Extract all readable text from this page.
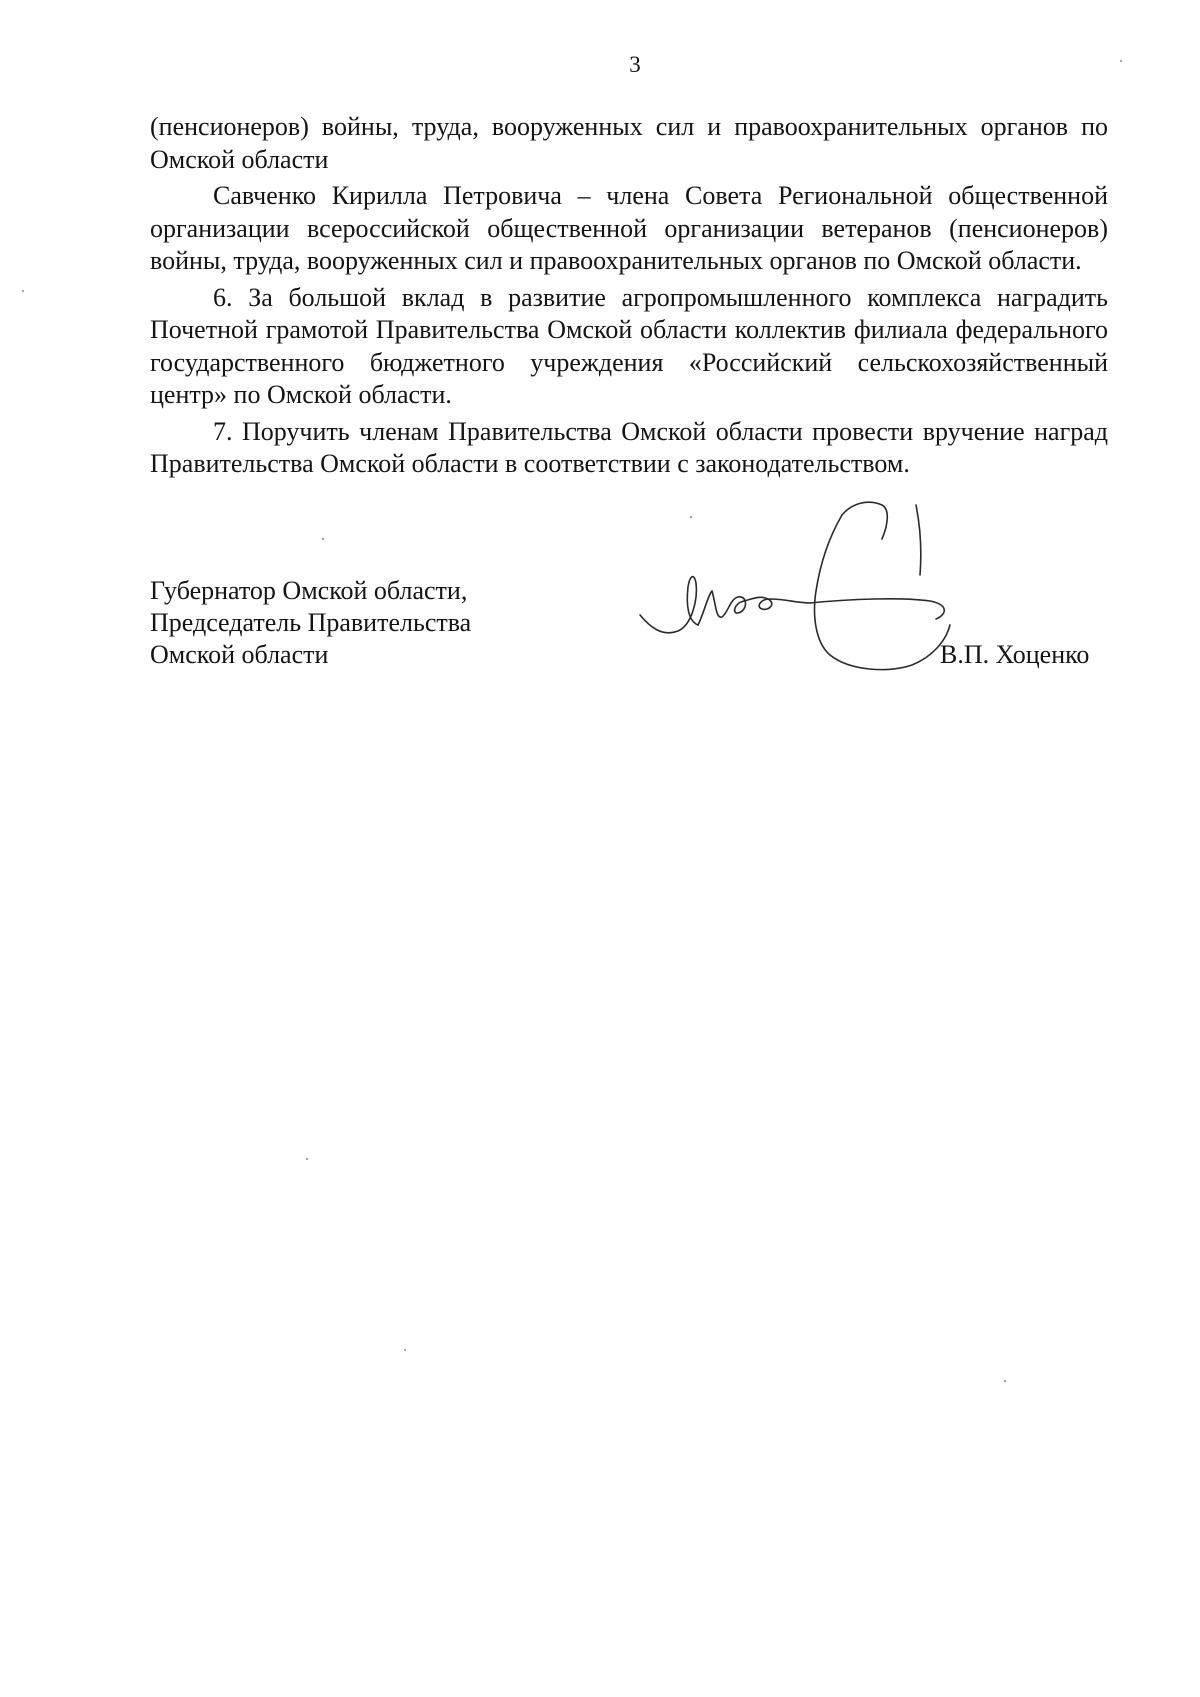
3

(пенсионеров) войны, труда, вооруженных сил и правоохранительных органов по Омской области

Савченко Кирилла Петровича – члена Совета Региональной общественной организации всероссийской общественной организации ветеранов (пенсионеров) войны, труда, вооруженных сил и правоохранительных органов по Омской области.

6. За большой вклад в развитие агропромышленного комплекса наградить Почетной грамотой Правительства Омской области коллектив филиала федерального государственного бюджетного учреждения «Российский сельскохозяйственный центр» по Омской области.

7. Поручить членам Правительства Омской области провести вручение наград Правительства Омской области в соответствии с законодательством.

Губернатор Омской области,
Председатель Правительства
Омской области	В.П. Хоценко
